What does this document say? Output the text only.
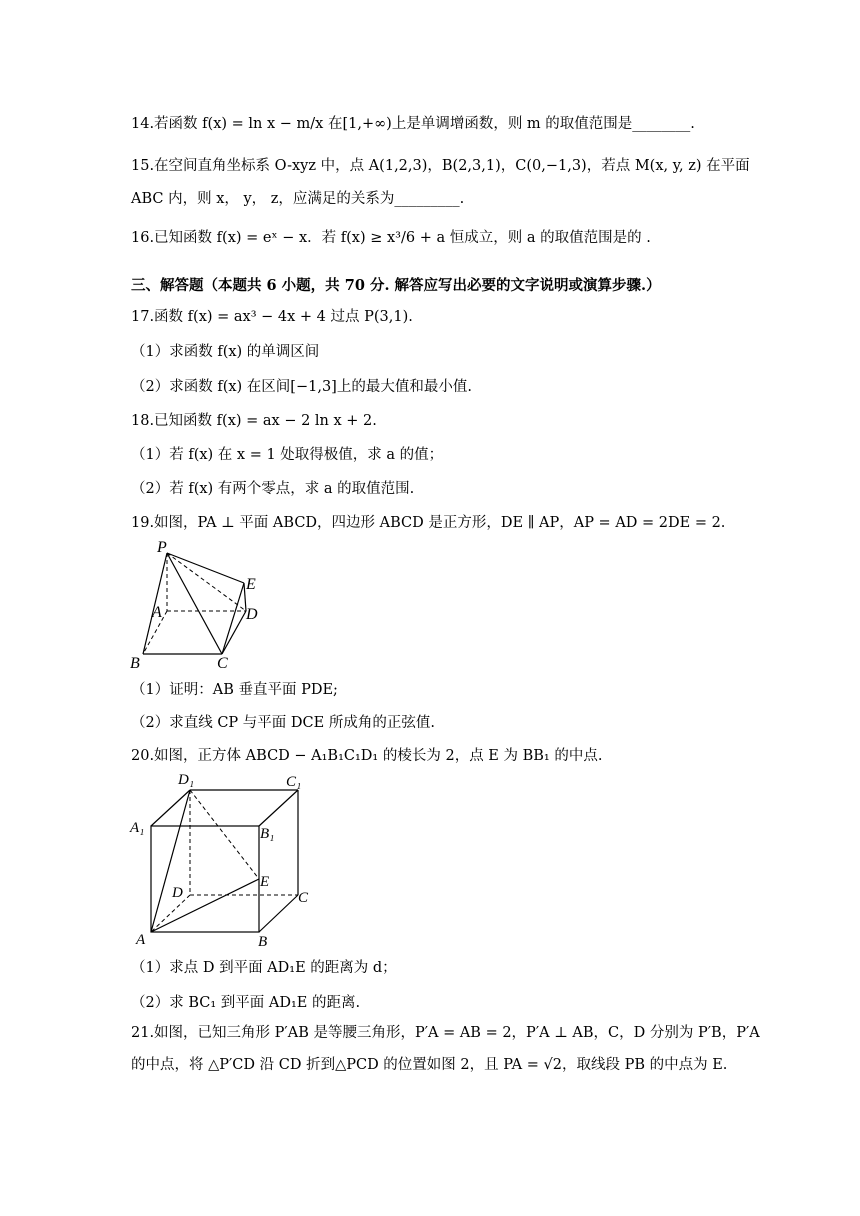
14.若函数 f(x) = ln x − m/x 在[1,+∞)上是单调增函数，则 m 的取值范围是________.
15.在空间直角坐标系 O-xyz 中，点 A(1,2,3)，B(2,3,1)，C(0,−1,3)，若点 M(x, y, z) 在平面
ABC 内，则 x， y， z，应满足的关系为_________.
16.已知函数 f(x) = eˣ − x．若 f(x) ≥ x³/6 + a 恒成立，则 a 的取值范围是的 .
三、解答题（本题共 6 小题，共 70 分. 解答应写出必要的文字说明或演算步骤.）
17.函数 f(x) = ax³ − 4x + 4 过点 P(3,1).
（1）求函数 f(x) 的单调区间
（2）求函数 f(x) 在区间[−1,3]上的最大值和最小值.
18.已知函数 f(x) = ax − 2 ln x + 2.
（1）若 f(x) 在 x = 1 处取得极值，求 a 的值；
（2）若 f(x) 有两个零点，求 a 的取值范围.
19.如图，PA ⊥ 平面 ABCD，四边形 ABCD 是正方形，DE ∥ AP，AP = AD = 2DE = 2.
P
A
B	C
D
E
（1）证明：AB 垂直平面 PDE;
（2）求直线 CP 与平面 DCE 所成角的正弦值.
20.如图，正方体 ABCD − A₁B₁C₁D₁ 的棱长为 2，点 E 为 BB₁ 的中点.
D₁	C₁
A₁	B₁
D
E
C
A	B
（1）求点 D 到平面 AD₁E 的距离为 d；
（2）求 BC₁ 到平面 AD₁E 的距离.
21.如图，已知三角形 P′AB 是等腰三角形，P′A = AB = 2，P′A ⊥ AB，C，D 分别为 P′B，P′A
的中点，将 △P′CD 沿 CD 折到△PCD 的位置如图 2，且 PA = √2，取线段 PB 的中点为 E.
